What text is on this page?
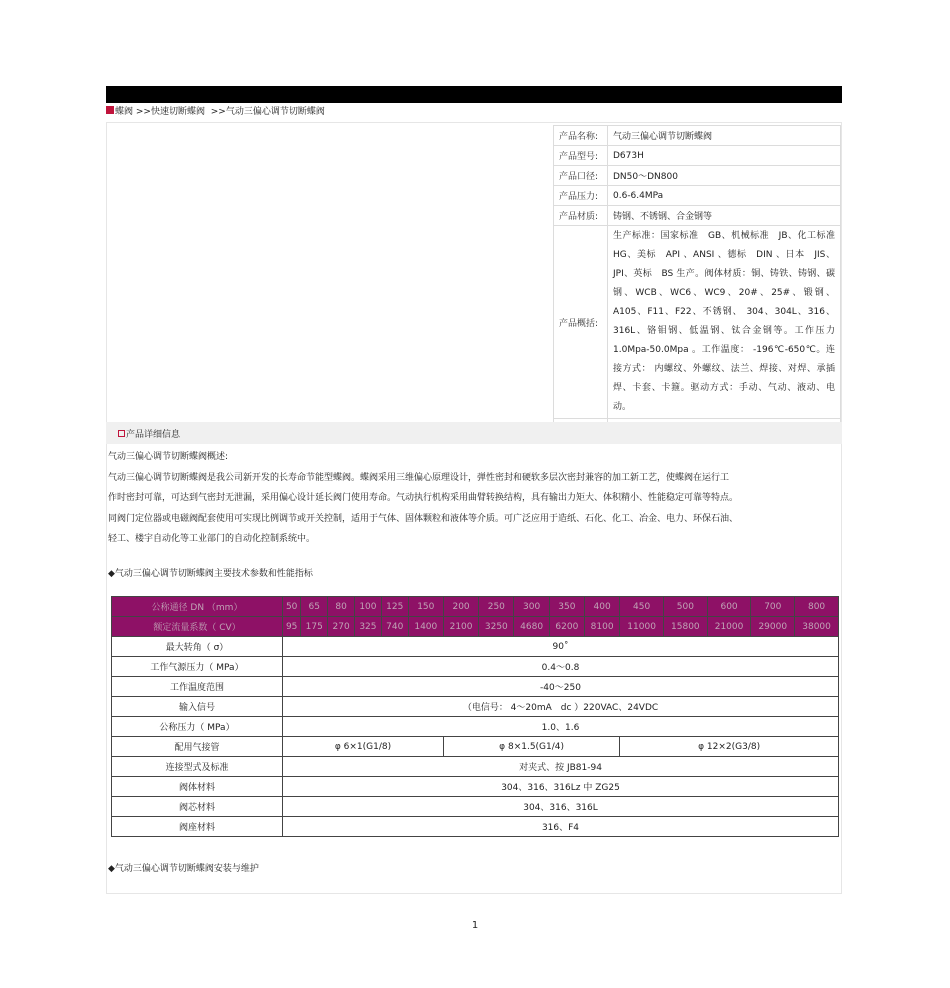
蝶阀 >>快速切断蝶阀 >>气动三偏心调节切断蝶阀
产品名称:	气动三偏心调节切断蝶阀
产品型号:	D673H
产品口径:	DN50～DN800
产品压力:	0.6-6.4MPa
产品材质:	铸钢、不锈钢、合金钢等
产品概括:	生产标准：国家标准　GB、机械标准　JB、化工标准　HG、美标　API 、ANSI 、德标　DIN 、日本　JIS、JPI、英标　BS 生产。阀体材质：铜、铸铁、铸钢、碳钢、WCB、WC6、WC9、20#、25#、锻钢、 A105、F11、F22、不锈钢、 304、304L、316、316L、铬钼钢、低温钢、钛合金钢等。工作压力　 1.0Mpa-50.0Mpa 。工作温度： -196℃-650℃。连接方式： 内螺纹、外螺纹、法兰、焊接、对焊、承插焊、卡套、卡箍。驱动方式：手动、气动、液动、电动。

产品详细信息

气动三偏心调节切断蝶阀概述:

气动三偏心调节切断蝶阀是我公司新开发的长寿命节能型蝶阀。蝶阀采用三维偏心原理设计，弹性密封和硬软多层次密封兼容的加工新工艺，使蝶阀在运行工

作时密封可靠，可达到气密封无泄漏，采用偏心设计延长阀门使用寿命。气动执行机构采用曲臂转换结构，具有输出力矩大、体积精小、性能稳定可靠等特点。

同阀门定位器或电磁阀配套使用可实现比例调节或开关控制，适用于气体、固体颗粒和液体等介质。可广泛应用于造纸、石化、化工、冶金、电力、环保石油、

轻工、楼宇自动化等工业部门的自动化控制系统中。

◆气动三偏心调节切断蝶阀主要技术参数和性能指标
公称通径 DN （mm）	50	65	80	100	125	150	200	250	300	350	400	450	500	600	700	800
额定流量系数（ CV）	95	175	270	325	740	1400	2100	3250	4680	6200	8100	11000	15800	21000	29000	38000
最大转角（ σ）	90˚															
工作气源压力（ MPa）	0.4～0.8															
工作温度范围	-40～250															
输入信号	（电信号： 4～20mA　dc ）220VAC、24VDC															
公称压力（ MPa）	1.0、1.6															
配用气接管	φ 6×1(G1/8)						φ 8×1.5(G1/4)					φ 12×2(G3/8)				
连接型式及标准	对夹式、按 JB81-94															
阀体材料	304、316、316Lz 中 ZG25															
阀芯材料	304、316、316L															
阀座材料	316、F4															
◆气动三偏心调节切断蝶阀安装与维护
1
